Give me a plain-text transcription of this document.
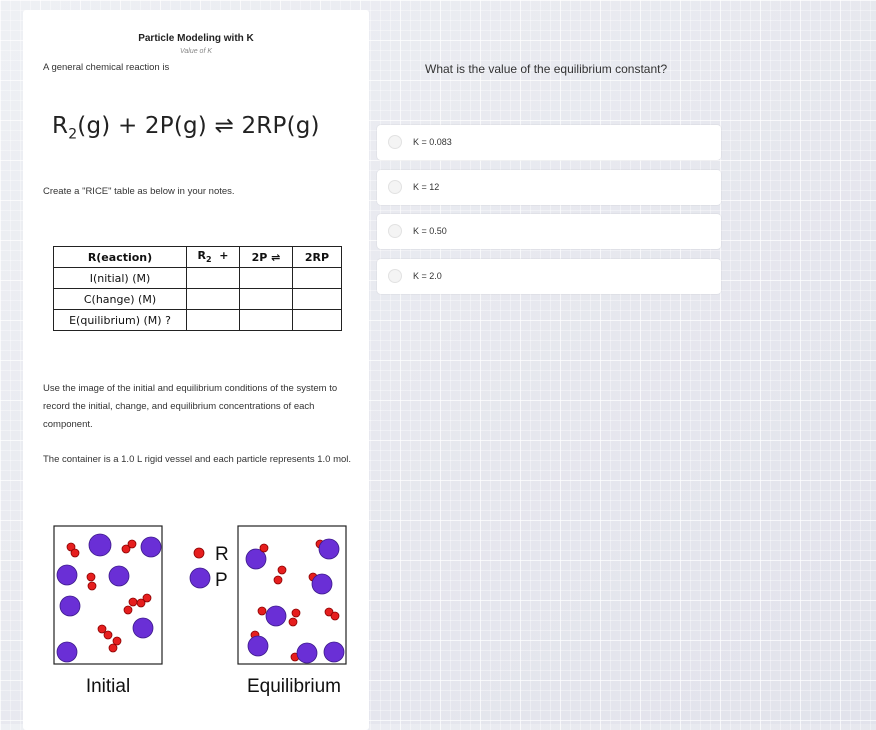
Particle Modeling with K
Value of K
A general chemical reaction is
$R_2(g) + 2P(g)$ ⇌ 2RP(g)
Create a "RICE" table as below in your notes.
R(eaction)	$R_2$ +	2P ⇌	2RP
I(nitial) (M)			
C(hange) (M)			
E(quilibrium) (M) ?			
Use the image of the initial and equilibrium conditions of the system to record the initial, change, and equilibrium concentrations of each component.
The container is a 1.0 L rigid vessel and each particle represents 1.0 mol.
R
P
Initial	Equilibrium
What is the value of the equilibrium constant?
K = 0.083
K = 12
K = 0.50
K = 2.0
